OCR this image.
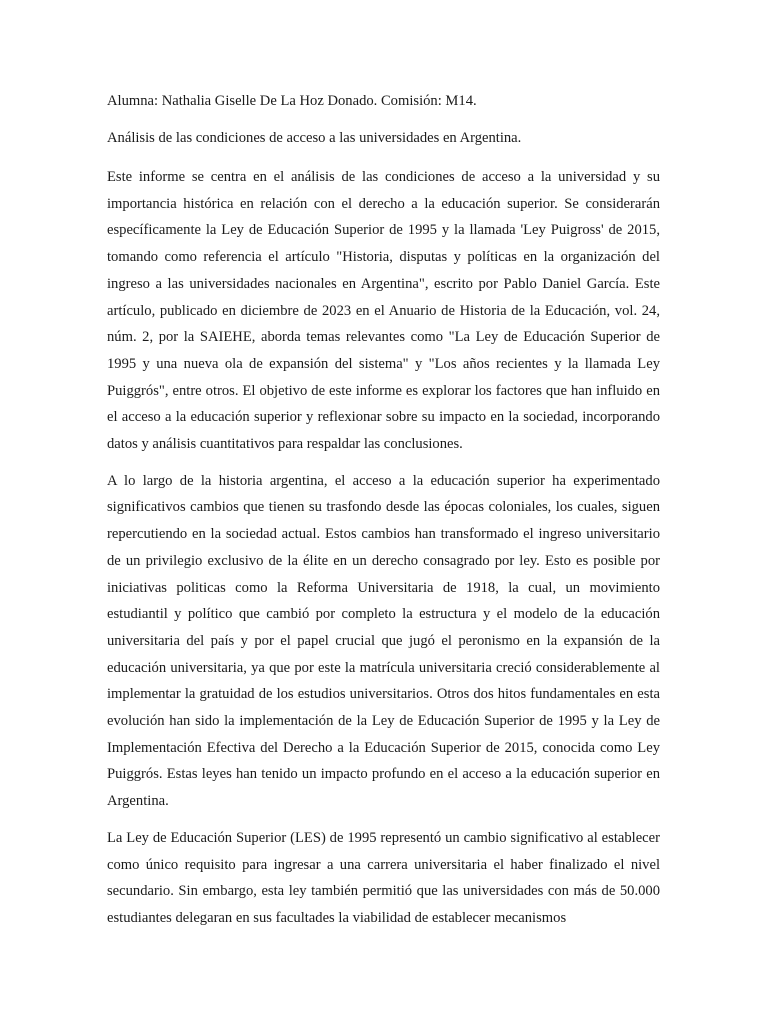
Alumna: Nathalia Giselle De La Hoz Donado. Comisión: M14.

Análisis de las condiciones de acceso a las universidades en Argentina.

Este informe se centra en el análisis de las condiciones de acceso a la universidad y su importancia histórica en relación con el derecho a la educación superior. Se considerarán específicamente la Ley de Educación Superior de 1995 y la llamada 'Ley Puigross' de 2015, tomando como referencia el artículo "Historia, disputas y políticas en la organización del ingreso a las universidades nacionales en Argentina", escrito por Pablo Daniel García. Este artículo, publicado en diciembre de 2023 en el Anuario de Historia de la Educación, vol. 24, núm. 2, por la SAIEHE, aborda temas relevantes como "La Ley de Educación Superior de 1995 y una nueva ola de expansión del sistema" y "Los años recientes y la llamada Ley Puiggrós", entre otros. El objetivo de este informe es explorar los factores que han influido en el acceso a la educación superior y reflexionar sobre su impacto en la sociedad, incorporando datos y análisis cuantitativos para respaldar las conclusiones.

A lo largo de la historia argentina, el acceso a la educación superior ha experimentado significativos cambios que tienen su trasfondo desde las épocas coloniales, los cuales, siguen repercutiendo en la sociedad actual. Estos cambios han transformado el ingreso universitario de un privilegio exclusivo de la élite en un derecho consagrado por ley. Esto es posible por iniciativas politicas como la Reforma Universitaria de 1918, la cual, un movimiento estudiantil y político que cambió por completo la estructura y el modelo de la educación universitaria del país y por el papel crucial que jugó el peronismo en la expansión de la educación universitaria, ya que por este la matrícula universitaria creció considerablemente al implementar la gratuidad de los estudios universitarios. Otros dos hitos fundamentales en esta evolución han sido la implementación de la Ley de Educación Superior de 1995 y la Ley de Implementación Efectiva del Derecho a la Educación Superior de 2015, conocida como Ley Puiggrós. Estas leyes han tenido un impacto profundo en el acceso a la educación superior en Argentina.

La Ley de Educación Superior (LES) de 1995 representó un cambio significativo al establecer como único requisito para ingresar a una carrera universitaria el haber finalizado el nivel secundario. Sin embargo, esta ley también permitió que las universidades con más de 50.000 estudiantes delegaran en sus facultades la viabilidad de establecer mecanismos
